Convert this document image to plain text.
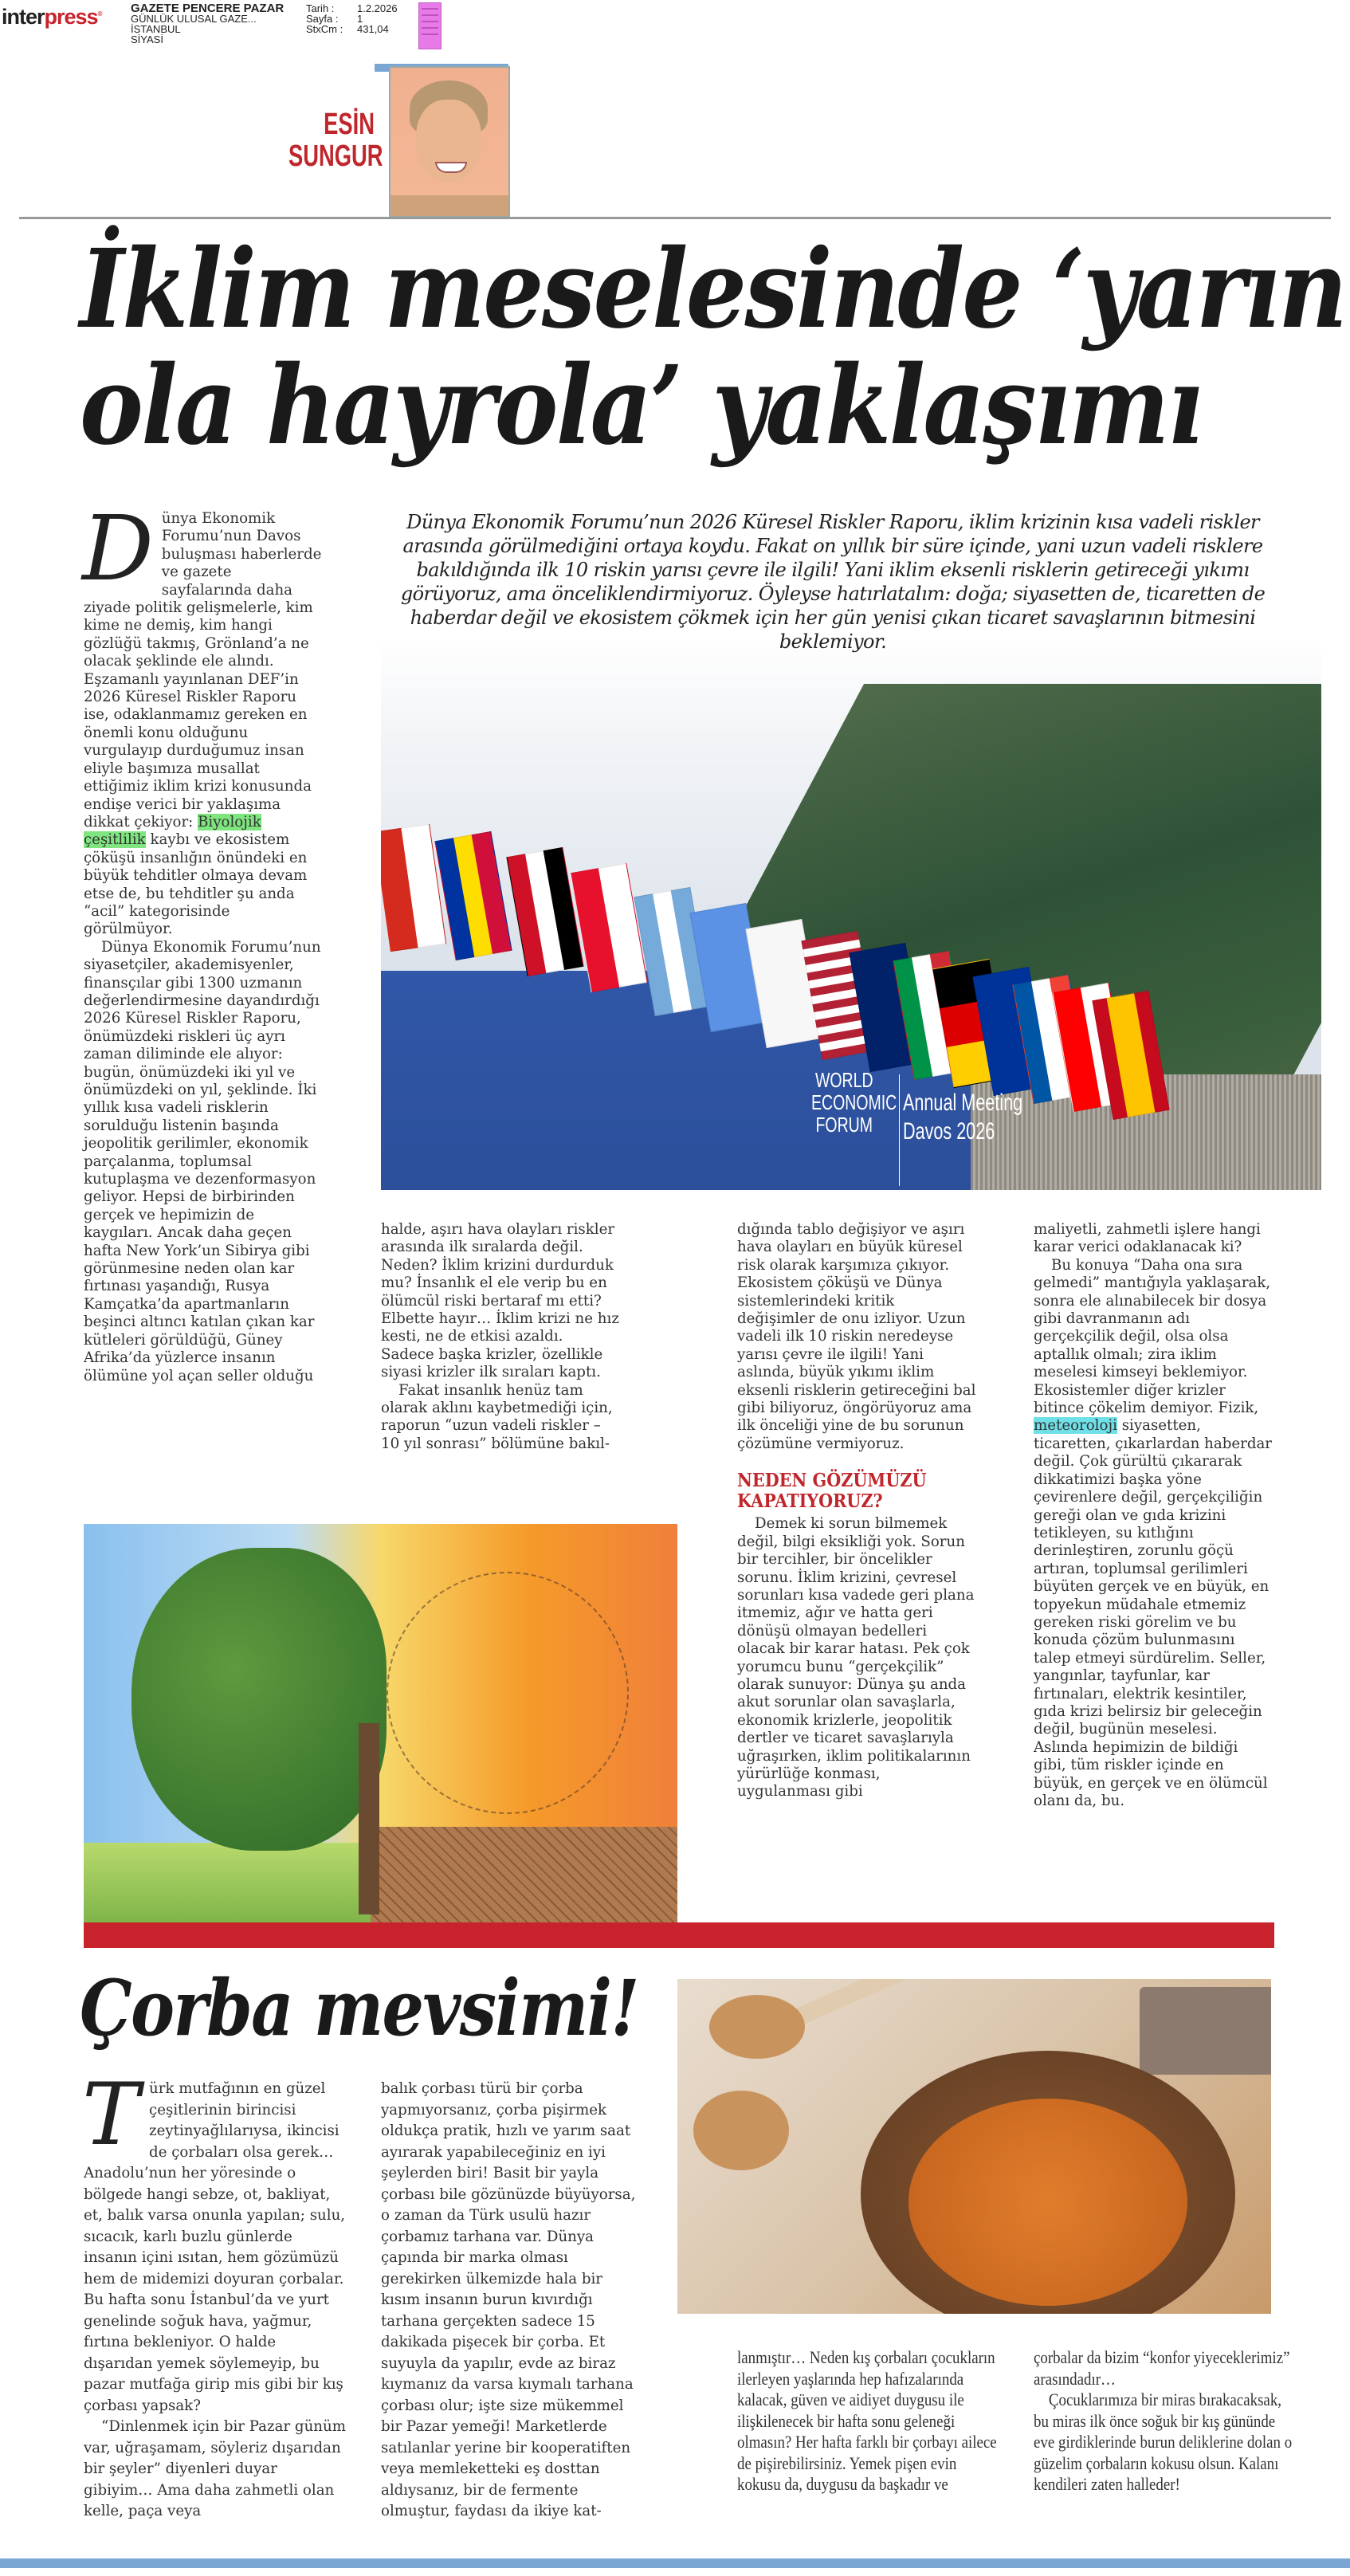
interpress® GAZETE PENCERE PAZAR
GÜNLÜK ULUSAL GAZE...
İSTANBUL
SİYASİ
Tarih : 1.2.2026
Sayfa : 1
StxCm : 431,04
ESİN
SUNGUR
İklim meselesinde ‘yarın
ola hayrola’ yaklaşımı
Dünya Ekonomik Forumu’nun 2026 Küresel Riskler Raporu, iklim krizinin kısa vadeli riskler arasında görülmediğini ortaya koydu. Fakat on yıllık bir süre içinde, yani uzun vadeli risklere bakıldığında ilk 10 riskin yarısı çevre ile ilgili! Yani iklim eksenli risklerin getireceği yıkımı görüyoruz, ama önceliklendirmiyoruz. Öyleyse hatırlatalım: doğa; siyasetten de, ticaretten de haberdar değil ve ekosistem çökmek için her gün yenisi çıkan ticaret savaşlarının bitmesini beklemiyor.

Dünya Ekonomik Forumu’nun Davos buluşması haberlerde ve gazete sayfalarında daha ziyade politik gelişmelerle, kim kime ne demiş, kim hangi gözlüğü takmış, Grönland’a ne olacak şeklinde ele alındı. Eşzamanlı yayınlanan DEF’in 2026 Küresel Riskler Raporu ise, odaklanmamız gereken en önemli konu olduğunu vurgulayıp durduğumuz insan eliyle başımıza musallat ettiğimiz iklim krizi konusunda endişe verici bir yaklaşıma dikkat çekiyor: Biyolojik çeşitlilik kaybı ve ekosistem çöküşü insanlığın önündeki en büyük tehditler olmaya devam etse de, bu tehditler şu anda “acil” kategorisinde görülmüyor.

Dünya Ekonomik Forumu’nun siyasetçiler, akademisyenler, finansçılar gibi 1300 uzmanın değerlendirmesine dayandırdığı 2026 Küresel Riskler Raporu, önümüzdeki riskleri üç ayrı zaman diliminde ele alıyor: bugün, önümüzdeki iki yıl ve önümüzdeki on yıl, şeklinde. İki yıllık kısa vadeli risklerin sorulduğu listenin başında jeopolitik gerilimler, ekonomik parçalanma, toplumsal kutuplaşma ve dezenformasyon geliyor. Hepsi de birbirinden gerçek ve hepimizin de kaygıları. Ancak daha geçen hafta New York’un Sibirya gibi görünmesine neden olan kar fırtınası yaşandığı, Rusya Kamçatka’da apartmanların beşinci altıncı katılan çıkan kar kütleleri görüldüğü, Güney Afrika’da yüzlerce insanın ölümüne yol açan seller olduğu

WORLD ECONOMIC FORUM
Annual Meeting
Davos 2026

halde, aşırı hava olayları riskler arasında ilk sıralarda değil. Neden? İklim krizini durdurduk mu? İnsanlık el ele verip bu en ölümcül riski bertaraf mı etti? Elbette hayır… İklim krizi ne hız kesti, ne de etkisi azaldı. Sadece başka krizler, özellikle siyasi krizler ilk sıraları kaptı.

Fakat insanlık henüz tam olarak aklını kaybetmediği için, raporun “uzun vadeli riskler – 10 yıl sonrası” bölümüne bakıl-

dığında tablo değişiyor ve aşırı hava olayları en büyük küresel risk olarak karşımıza çıkıyor. Ekosistem çöküşü ve Dünya sistemlerindeki kritik değişimler de onu izliyor. Uzun vadeli ilk 10 riskin neredeyse yarısı çevre ile ilgili! Yani aslında, büyük yıkımı iklim eksenli risklerin getireceğini bal gibi biliyoruz, öngörüyoruz ama ilk önceliği yine de bu sorunun çözümüne vermiyoruz.

NEDEN GÖZÜMÜZÜ KAPATIYORUZ?

Demek ki sorun bilmemek değil, bilgi eksikliği yok. Sorun bir tercihler, bir öncelikler sorunu. İklim krizini, çevresel sorunları kısa vadede geri plana itmemiz, ağır ve hatta geri dönüşü olmayan bedelleri olacak bir karar hatası. Pek çok yorumcu bunu “gerçekçilik” olarak sunuyor: Dünya şu anda akut sorunlar olan savaşlarla, ekonomik krizlerle, jeopolitik dertler ve ticaret savaşlarıyla uğraşırken, iklim politikalarının yürürlüğe konması, uygulanması gibi

maliyetli, zahmetli işlere hangi karar verici odaklanacak ki?

Bu konuya “Daha ona sıra gelmedi” mantığıyla yaklaşarak, sonra ele alınabilecek bir dosya gibi davranmanın adı gerçekçilik değil, olsa olsa aptallık olmalı; zira iklim meselesi kimseyi beklemiyor. Ekosistemler diğer krizler bitince çökelim demiyor. Fizik, meteoroloji siyasetten, ticaretten, çıkarlardan haberdar değil. Çok gürültü çıkararak dikkatimizi başka yöne çevirenlere değil, gerçekçiliğin gereği olan ve gıda krizini tetikleyen, su kıtlığını derinleştiren, zorunlu göçü artıran, toplumsal gerilimleri büyüten gerçek ve en büyük, en topyekun müdahale etmemiz gereken riski görelim ve bu konuda çözüm bulunmasını talep etmeyi sürdürelim. Seller, yangınlar, tayfunlar, kar fırtınaları, elektrik kesintiler, gıda krizi belirsiz bir geleceğin değil, bugünün meselesi. Aslında hepimizin de bildiği gibi, tüm riskler içinde en büyük, en gerçek ve en ölümcül olanı da, bu.

Çorba mevsimi!

Türk mutfağının en güzel çeşitlerinin birincisi zeytinyağlılarıysa, ikincisi de çorbaları olsa gerek… Anadolu’nun her yöresinde o bölgede hangi sebze, ot, bakliyat, et, balık varsa onunla yapılan; sulu, sıcacık, karlı buzlu günlerde insanın içini ısıtan, hem gözümüzü hem de midemizi doyuran çorbalar. Bu hafta sonu İstanbul’da ve yurt genelinde soğuk hava, yağmur, fırtına bekleniyor. O halde dışarıdan yemek söylemeyip, bu pazar mutfağa girip mis gibi bir kış çorbası yapsak?

“Dinlenmek için bir Pazar günüm var, uğraşamam, söyleriz dışarıdan bir şeyler” diyenleri duyar gibiyim… Ama daha zahmetli olan kelle, paça veya

balık çorbası türü bir çorba yapmıyorsanız, çorba pişirmek oldukça pratik, hızlı ve yarım saat ayırarak yapabileceğiniz en iyi şeylerden biri! Basit bir yayla çorbası bile gözünüzde büyüyorsa, o zaman da Türk usulü hazır çorbamız tarhana var. Dünya çapında bir marka olması gerekirken ülkemizde hala bir kısım insanın burun kıvırdığı tarhana gerçekten sadece 15 dakikada pişecek bir çorba. Et suyuyla da yapılır, evde az biraz kıymanız da varsa kıymalı tarhana çorbası olur; işte size mükemmel bir Pazar yemeği! Marketlerde satılanlar yerine bir kooperatiften veya memleketteki eş dosttan aldıysanız, bir de fermente olmuştur, faydası da ikiye kat-

lanmıştır… Neden kış çorbaları çocukların ilerleyen yaşlarında hep hafızalarında kalacak, güven ve aidiyet duygusu ile ilişkilenecek bir hafta sonu geleneği olmasın? Her hafta farklı bir çorbayı ailece de pişirebilirsiniz. Yemek pişen evin kokusu da, duygusu da başkadır ve

çorbalar da bizim “konfor yiyeceklerimiz” arasındadır…

Çocuklarımıza bir miras bırakacaksak, bu miras ilk önce soğuk bir kış gününde eve girdiklerinde burun deliklerine dolan o güzelim çorbaların kokusu olsun. Kalanı kendileri zaten halleder!
